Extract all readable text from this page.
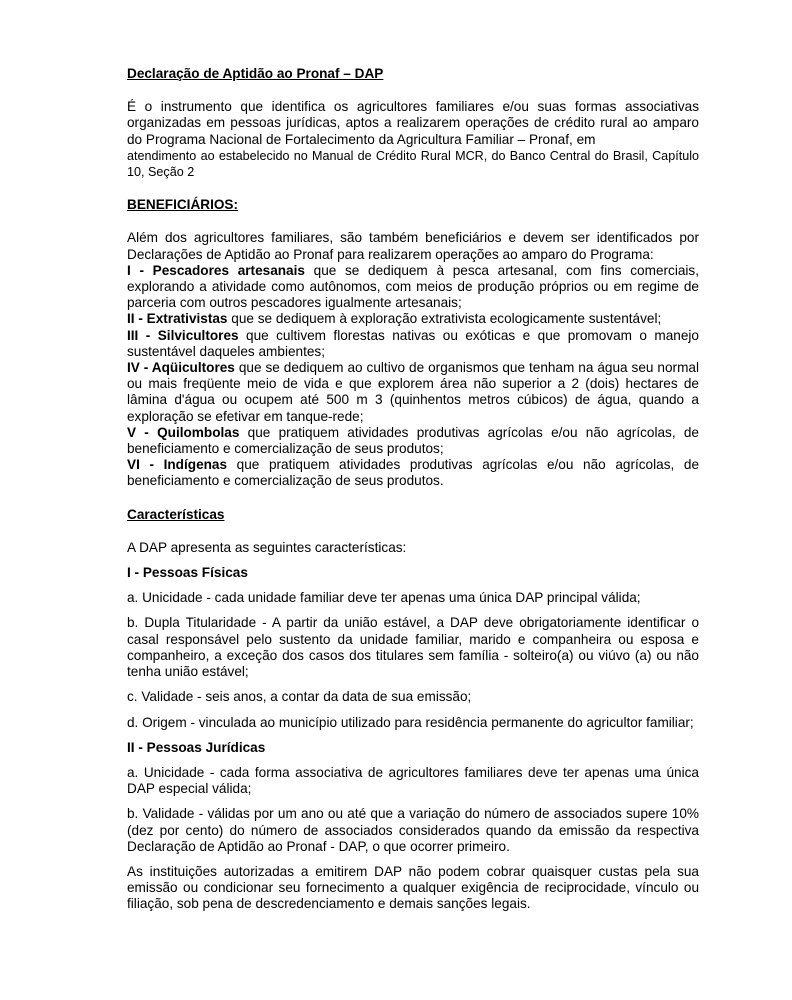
Declaração de Aptidão ao Pronaf – DAP

É o instrumento que identifica os agricultores familiares e/ou suas formas associativas organizadas em pessoas jurídicas, aptos a realizarem operações de crédito rural ao amparo do Programa Nacional de Fortalecimento da Agricultura Familiar – Pronaf, em

atendimento ao estabelecido no Manual de Crédito Rural MCR, do Banco Central do Brasil, Capítulo 10, Seção 2

BENEFICIÁRIOS:

Além dos agricultores familiares, são também beneficiários e devem ser identificados por Declarações de Aptidão ao Pronaf para realizarem operações ao amparo do Programa:

I - Pescadores artesanais que se dediquem à pesca artesanal, com fins comerciais, explorando a atividade como autônomos, com meios de produção próprios ou em regime de parceria com outros pescadores igualmente artesanais;

II - Extrativistas que se dediquem à exploração extrativista ecologicamente sustentável;

III - Silvicultores que cultivem florestas nativas ou exóticas e que promovam o manejo sustentável daqueles ambientes;

IV - Aqüicultores que se dediquem ao cultivo de organismos que tenham na água seu normal ou mais freqüente meio de vida e que explorem área não superior a 2 (dois) hectares de lâmina d'água ou ocupem até 500 m 3 (quinhentos metros cúbicos) de água, quando a exploração se efetivar em tanque-rede;

V - Quilombolas que pratiquem atividades produtivas agrícolas e/ou não agrícolas, de beneficiamento e comercialização de seus produtos;

VI - Indígenas que pratiquem atividades produtivas agrícolas e/ou não agrícolas, de beneficiamento e comercialização de seus produtos.

Características

A DAP apresenta as seguintes características:

I - Pessoas Físicas

a. Unicidade - cada unidade familiar deve ter apenas uma única DAP principal válida;

b. Dupla Titularidade - A partir da união estável, a DAP deve obrigatoriamente identificar o casal responsável pelo sustento da unidade familiar, marido e companheira ou esposa e companheiro, a exceção dos casos dos titulares sem família - solteiro(a) ou viúvo (a) ou não tenha união estável;

c. Validade - seis anos, a contar da data de sua emissão;

d. Origem - vinculada ao município utilizado para residência permanente do agricultor familiar;

II - Pessoas Jurídicas

a. Unicidade - cada forma associativa de agricultores familiares deve ter apenas uma única DAP especial válida;

b. Validade - válidas por um ano ou até que a variação do número de associados supere 10% (dez por cento) do número de associados considerados quando da emissão da respectiva Declaração de Aptidão ao Pronaf - DAP, o que ocorrer primeiro.

As instituições autorizadas a emitirem DAP não podem cobrar quaisquer custas pela sua emissão ou condicionar seu fornecimento a qualquer exigência de reciprocidade, vínculo ou filiação, sob pena de descredenciamento e demais sanções legais.
